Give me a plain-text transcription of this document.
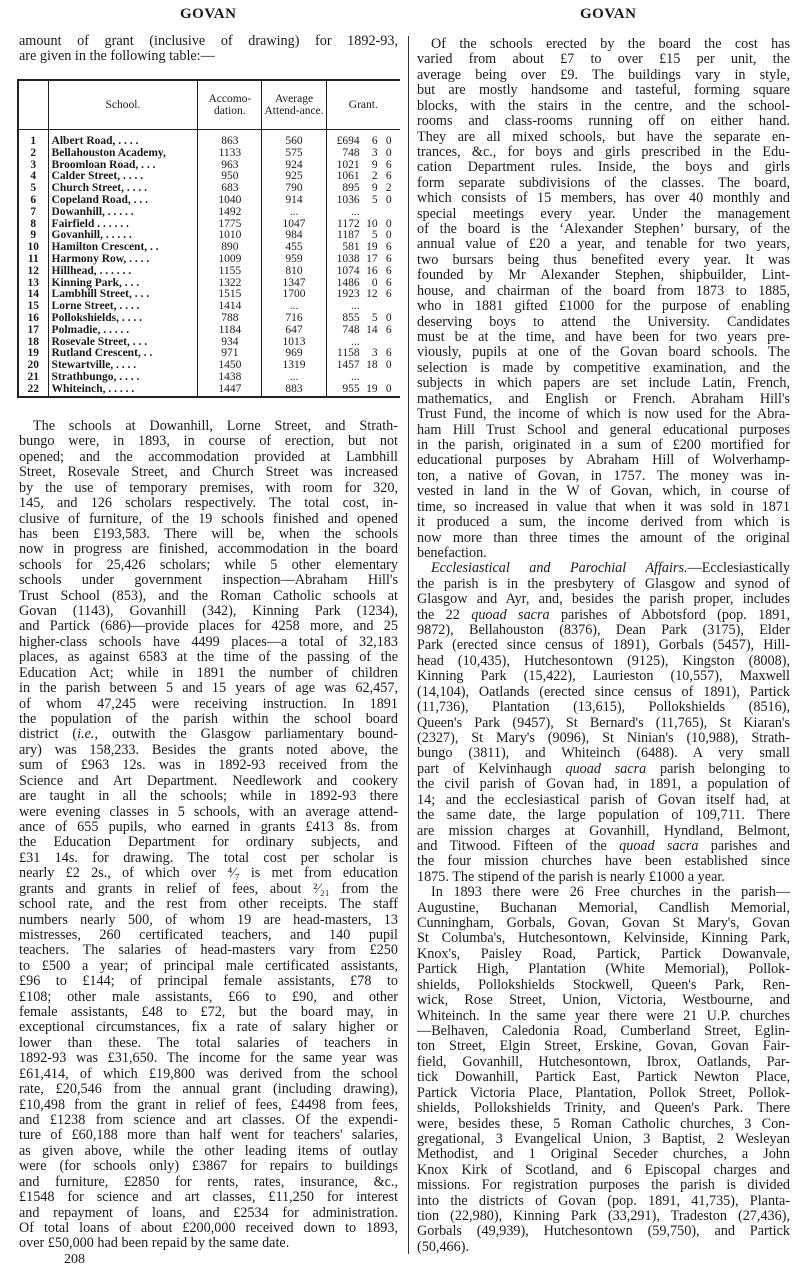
GOVAN	GOVAN
amount of grant (inclusive of drawing) for 1892-93,
are given in the following table:—
The schools at Dowanhill, Lorne Street, and Strath-
bungo were, in 1893, in course of erection, but not
opened; and the accommodation provided at Lambhill
Street, Rosevale Street, and Church Street was increased
by the use of temporary premises, with room for 320,
145, and 126 scholars respectively. The total cost, in-
clusive of furniture, of the 19 schools finished and opened
has been £193,583. There will be, when the schools
now in progress are finished, accommodation in the board
schools for 25,426 scholars; while 5 other elementary
schools under government inspection—Abraham Hill's
Trust School (853), and the Roman Catholic schools at
Govan (1143), Govanhill (342), Kinning Park (1234),
and Partick (686)—provide places for 4258 more, and 25
higher-class schools have 4499 places—a total of 32,183
places, as against 6583 at the time of the passing of the
Education Act; while in 1891 the number of children
in the parish between 5 and 15 years of age was 62,457,
of whom 47,245 were receiving instruction. In 1891
the population of the parish within the school board
district (i.e., outwith the Glasgow parliamentary bound-
ary) was 158,233. Besides the grants noted above, the
sum of £963 12s. was in 1892-93 received from the
Science and Art Department. Needlework and cookery
are taught in all the schools; while in 1892-93 there
were evening classes in 5 schools, with an average attend-
ance of 655 pupils, who earned in grants £413 8s. from
the Education Department for ordinary subjects, and
£31 14s. for drawing. The total cost per scholar is
nearly £2 2s., of which over ⁴⁄₇ is met from education
grants and grants in relief of fees, about ²⁄₂₁ from the
school rate, and the rest from other receipts. The staff
numbers nearly 500, of whom 19 are head-masters, 13
mistresses, 260 certificated teachers, and 140 pupil
teachers. The salaries of head-masters vary from £250
to £500 a year; of principal male certificated assistants,
£96 to £144; of principal female assistants, £78 to
£108; other male assistants, £66 to £90, and other
female assistants, £48 to £72, but the board may, in
exceptional circumstances, fix a rate of salary higher or
lower than these. The total salaries of teachers in
1892-93 was £31,650. The income for the same year was
£61,414, of which £19,800 was derived from the school
rate, £20,546 from the annual grant (including drawing),
£10,498 from the grant in relief of fees, £4498 from fees,
and £1238 from science and art classes. Of the expendi-
ture of £60,188 more than half went for teachers' salaries,
as given above, while the other leading items of outlay
were (for schools only) £3867 for repairs to buildings
and furniture, £2850 for rents, rates, insurance, &c.,
£1548 for science and art classes, £11,250 for interest
and repayment of loans, and £2534 for administration.
Of total loans of about £200,000 received down to 1893,
over £50,000 had been repaid by the same date.
	School.	Accomo-dation.	Average Attend-ance.	Grant.
1	Albert Road, . . . .	863	560	£694 6 0
2	Bellahouston Academy,	1133	575	748 3 0
3	Broomloan Road, . . .	963	924	1021 9 6
4	Calder Street, . . . .	950	925	1061 2 6
5	Church Street, . . . .	683	790	895 9 2
6	Copeland Road, . . .	1040	914	1036 5 0
7	Dowanhill, . . . . .	1492	...	...
8	Fairfield . . . . . .	1775	1047	1172 10 0
9	Govanhill, . . . . .	1010	984	1187 5 0
10	Hamilton Crescent, . .	890	455	581 19 6
11	Harmony Row, . . . .	1009	959	1038 17 6
12	Hillhead, . . . . . .	1155	810	1074 16 6
13	Kinning Park, . . .	1322	1347	1486 0 6
14	Lambhill Street, . . .	1515	1700	1923 12 6
15	Lorne Street, . . . .	1414	...	...
16	Pollokshields, . . . .	788	716	855 5 0
17	Polmadie, . . . . .	1184	647	748 14 6
18	Rosevale Street, . . .	934	1013	...
19	Rutland Crescent, . .	971	969	1158 3 6
20	Stewartville, . . . .	1450	1319	1457 18 0
21	Strathbungo, . . . .	1438	...	...
22	Whiteinch, . . . . .	1447	883	955 19 0
Of the schools erected by the board the cost has
varied from about £7 to over £15 per unit, the
average being over £9. The buildings vary in style,
but are mostly handsome and tasteful, forming square
blocks, with the stairs in the centre, and the school-
rooms and class-rooms running off on either hand.
They are all mixed schools, but have the separate en-
trances, &c., for boys and girls prescribed in the Edu-
cation Department rules. Inside, the boys and girls
form separate subdivisions of the classes. The board,
which consists of 15 members, has over 40 monthly and
special meetings every year. Under the management
of the board is the ‘Alexander Stephen’ bursary, of the
annual value of £20 a year, and tenable for two years,
two bursars being thus benefited every year. It was
founded by Mr Alexander Stephen, shipbuilder, Lint-
house, and chairman of the board from 1873 to 1885,
who in 1881 gifted £1000 for the purpose of enabling
deserving boys to attend the University. Candidates
must be at the time, and have been for two years pre-
viously, pupils at one of the Govan board schools. The
selection is made by competitive examination, and the
subjects in which papers are set include Latin, French,
mathematics, and English or French. Abraham Hill's
Trust Fund, the income of which is now used for the Abra-
ham Hill Trust School and general educational purposes
in the parish, originated in a sum of £200 mortified for
educational purposes by Abraham Hill of Wolverhamp-
ton, a native of Govan, in 1757. The money was in-
vested in land in the W of Govan, which, in course of
time, so increased in value that when it was sold in 1871
it produced a sum, the income derived from which is
now more than three times the amount of the original
benefaction.
Ecclesiastical and Parochial Affairs.—Ecclesiastically
the parish is in the presbytery of Glasgow and synod of
Glasgow and Ayr, and, besides the parish proper, includes
the 22 quoad sacra parishes of Abbotsford (pop. 1891,
9872), Bellahouston (8376), Dean Park (3175), Elder
Park (erected since census of 1891), Gorbals (5457), Hill-
head (10,435), Hutchesontown (9125), Kingston (8008),
Kinning Park (15,422), Laurieston (10,557), Maxwell
(14,104), Oatlands (erected since census of 1891), Partick
(11,736), Plantation (13,615), Pollokshields (8516),
Queen's Park (9457), St Bernard's (11,765), St Kiaran's
(2327), St Mary's (9096), St Ninian's (10,988), Strath-
bungo (3811), and Whiteinch (6488). A very small
part of Kelvinhaugh quoad sacra parish belonging to
the civil parish of Govan had, in 1891, a population of
14; and the ecclesiastical parish of Govan itself had, at
the same date, the large population of 109,711. There
are mission charges at Govanhill, Hyndland, Belmont,
and Titwood. Fifteen of the quoad sacra parishes and
the four mission churches have been established since
1875. The stipend of the parish is nearly £1000 a year.
In 1893 there were 26 Free churches in the parish—
Augustine, Buchanan Memorial, Candlish Memorial,
Cunningham, Gorbals, Govan, Govan St Mary's, Govan
St Columba's, Hutchesontown, Kelvinside, Kinning Park,
Knox's, Paisley Road, Partick, Partick Dowanvale,
Partick High, Plantation (White Memorial), Pollok-
shields, Pollokshields Stockwell, Queen's Park, Ren-
wick, Rose Street, Union, Victoria, Westbourne, and
Whiteinch. In the same year there were 21 U.P. churches
—Belhaven, Caledonia Road, Cumberland Street, Eglin-
ton Street, Elgin Street, Erskine, Govan, Govan Fair-
field, Govanhill, Hutchesontown, Ibrox, Oatlands, Par-
tick Dowanhill, Partick East, Partick Newton Place,
Partick Victoria Place, Plantation, Pollok Street, Pollok-
shields, Pollokshields Trinity, and Queen's Park. There
were, besides these, 5 Roman Catholic churches, 3 Con-
gregational, 3 Evangelical Union, 3 Baptist, 2 Wesleyan
Methodist, and 1 Original Seceder churches, a John
Knox Kirk of Scotland, and 6 Episcopal charges and
missions. For registration purposes the parish is divided
into the districts of Govan (pop. 1891, 41,735), Planta-
tion (22,980), Kinning Park (33,291), Tradeston (27,436),
Gorbals (49,939), Hutchesontown (59,750), and Partick
(50,466).
208
